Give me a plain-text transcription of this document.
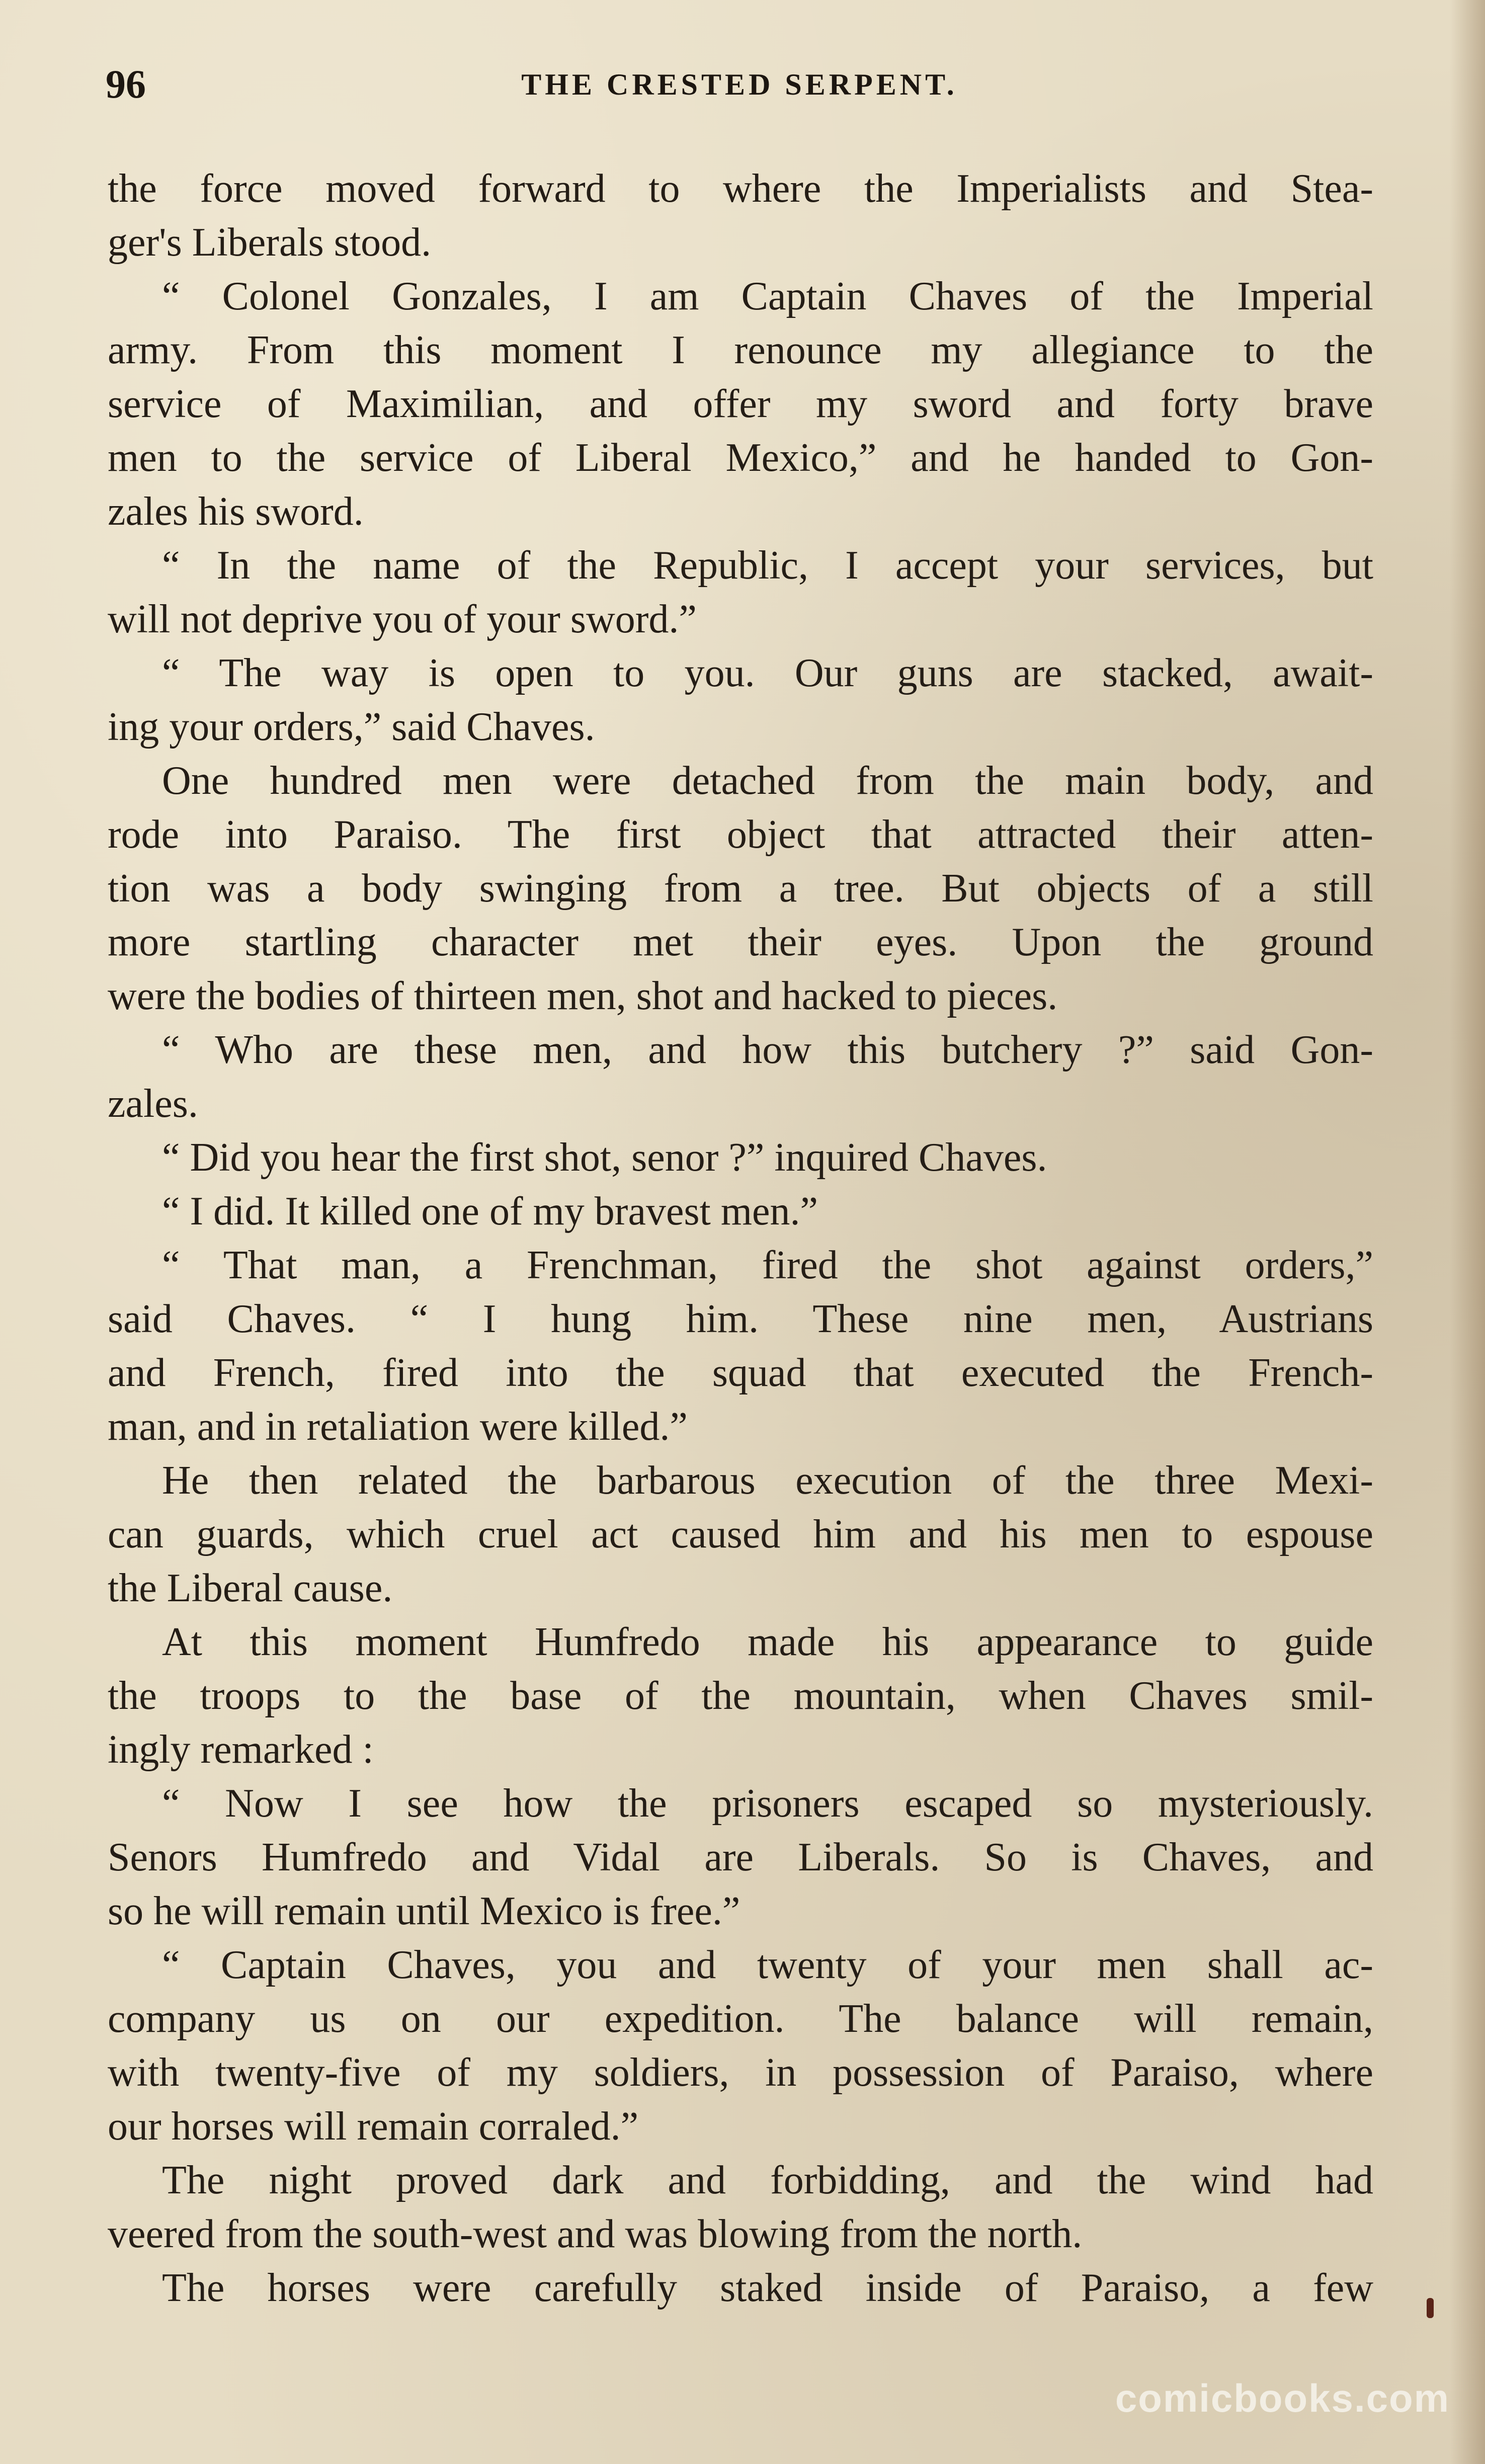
96	THE CRESTED SERPENT.
the force moved forward to where the Imperialists and Stea-
ger's Liberals stood.
“ Colonel Gonzales, I am Captain Chaves of the Imperial
army. From this moment I renounce my allegiance to the
service of Maximilian, and offer my sword and forty brave
men to the service of Liberal Mexico,” and he handed to Gon-
zales his sword.
“ In the name of the Republic, I accept your services, but
will not deprive you of your sword.”
“ The way is open to you. Our guns are stacked, await-
ing your orders,” said Chaves.
One hundred men were detached from the main body, and
rode into Paraiso. The first object that attracted their atten-
tion was a body swinging from a tree. But objects of a still
more startling character met their eyes. Upon the ground
were the bodies of thirteen men, shot and hacked to pieces.
“ Who are these men, and how this butchery ?” said Gon-
zales.
“ Did you hear the first shot, senor ?” inquired Chaves.
“ I did. It killed one of my bravest men.”
“ That man, a Frenchman, fired the shot against orders,”
said Chaves. “ I hung him. These nine men, Austrians
and French, fired into the squad that executed the French-
man, and in retaliation were killed.”
He then related the barbarous execution of the three Mexi-
can guards, which cruel act caused him and his men to espouse
the Liberal cause.
At this moment Humfredo made his appearance to guide
the troops to the base of the mountain, when Chaves smil-
ingly remarked :
“ Now I see how the prisoners escaped so mysteriously.
Senors Humfredo and Vidal are Liberals. So is Chaves, and
so he will remain until Mexico is free.”
“ Captain Chaves, you and twenty of your men shall ac-
company us on our expedition. The balance will remain,
with twenty-five of my soldiers, in possession of Paraiso, where
our horses will remain corraled.”
The night proved dark and forbidding, and the wind had
veered from the south-west and was blowing from the north.
The horses were carefully staked inside of Paraiso, a few
comicbooks.com
